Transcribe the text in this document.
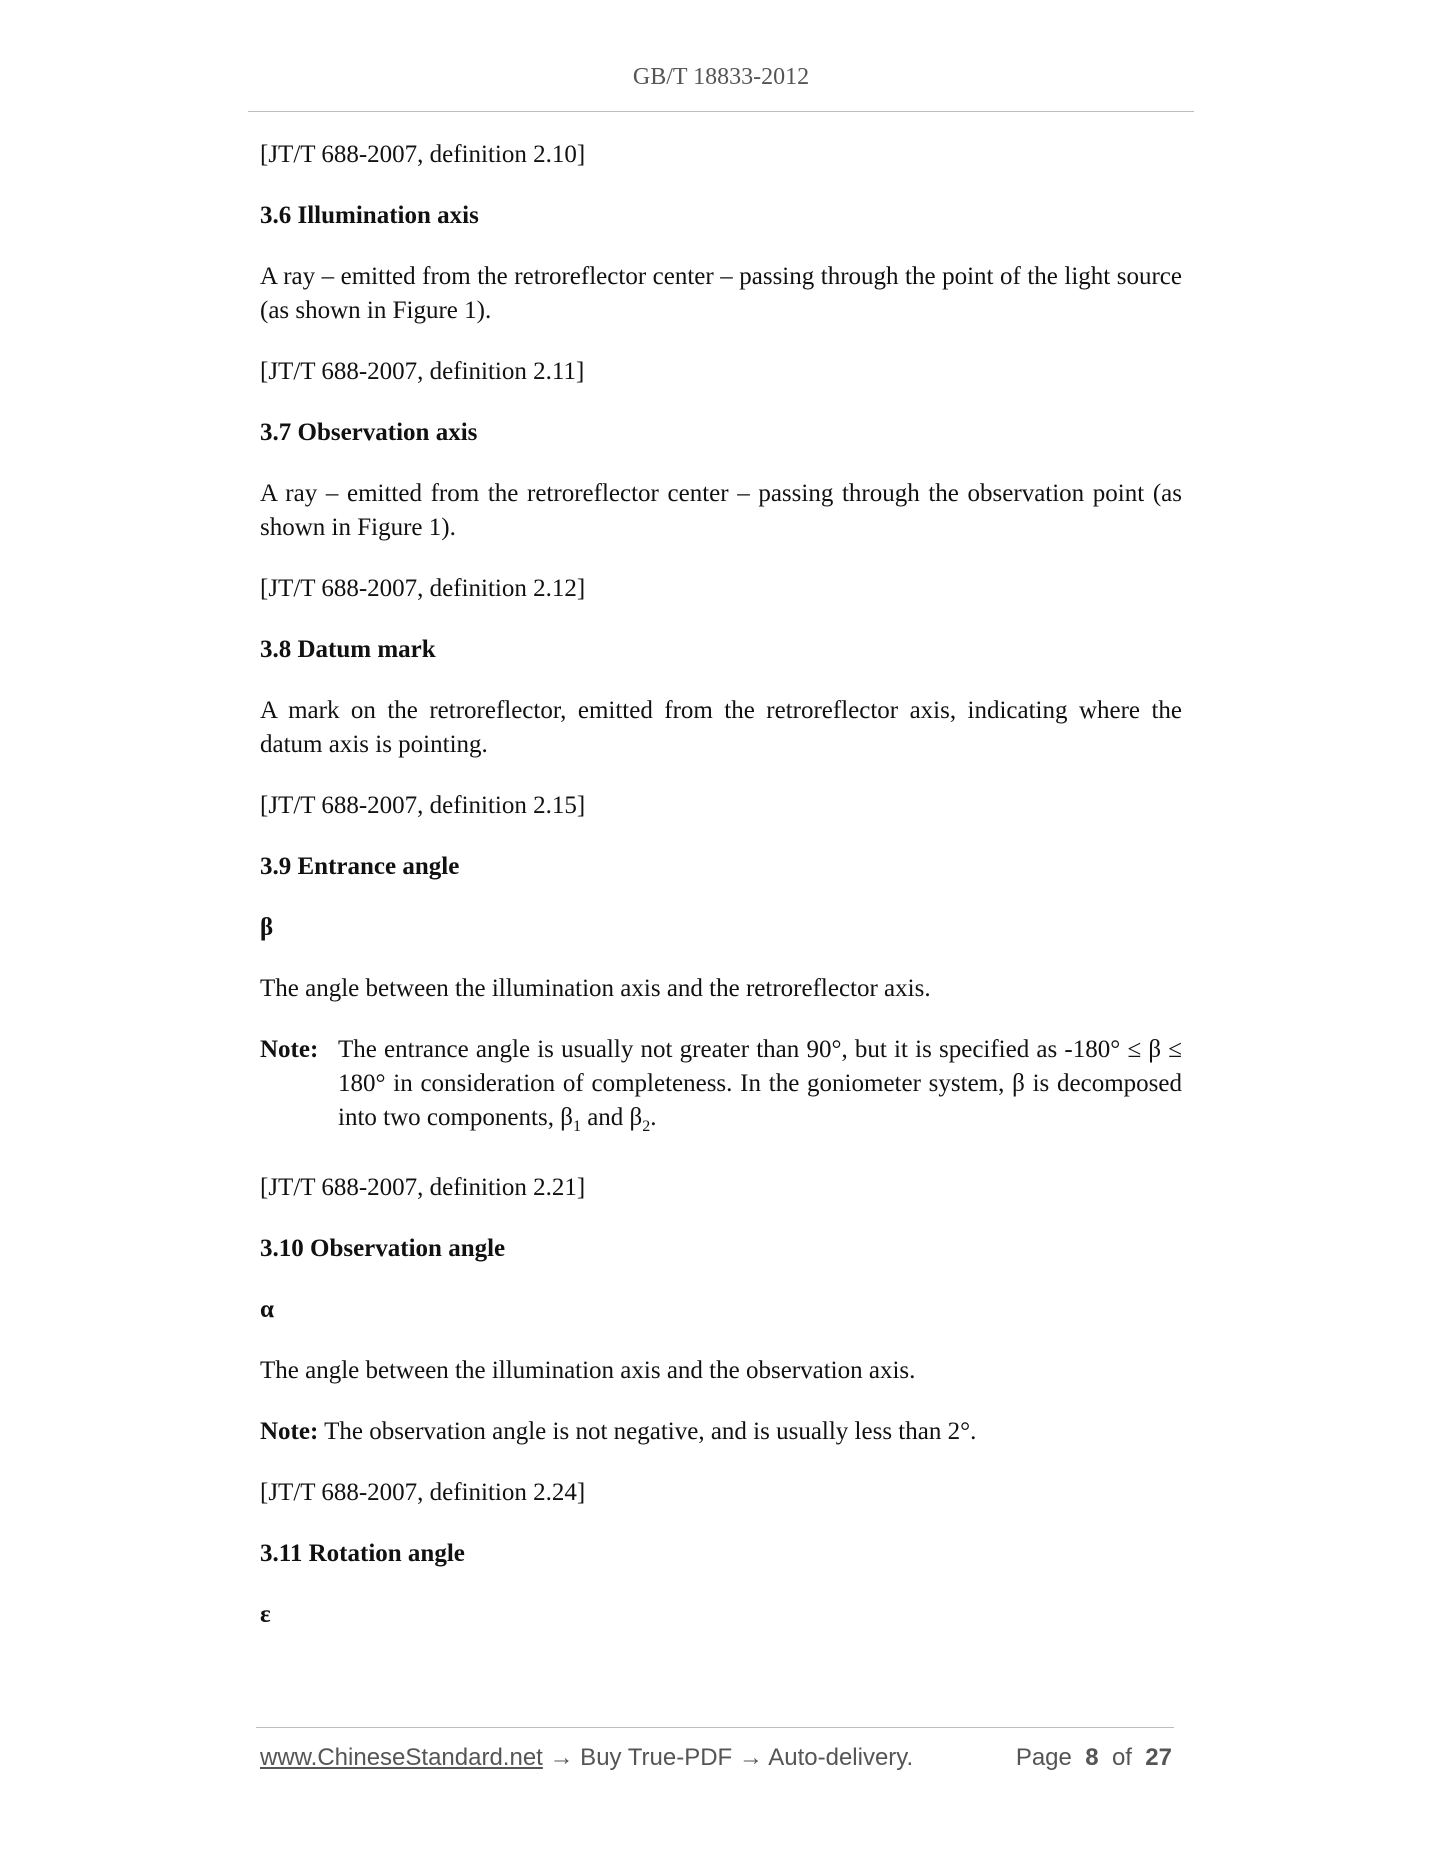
GB/T 18833-2012

[JT/T 688-2007, definition 2.10]

3.6 Illumination axis

A ray – emitted from the retroreflector center – passing through the point of the light source (as shown in Figure 1).

[JT/T 688-2007, definition 2.11]

3.7 Observation axis

A ray – emitted from the retroreflector center – passing through the observation point (as shown in Figure 1).

[JT/T 688-2007, definition 2.12]

3.8 Datum mark

A mark on the retroreflector, emitted from the retroreflector axis, indicating where the datum axis is pointing.

[JT/T 688-2007, definition 2.15]

3.9 Entrance angle

β

The angle between the illumination axis and the retroreflector axis.

Note: The entrance angle is usually not greater than 90°, but it is specified as -180° ≤ β ≤ 180° in consideration of completeness. In the goniometer system, β is decomposed into two components, $\beta_1$ and $\beta_2$.

[JT/T 688-2007, definition 2.21]

3.10 Observation angle

α

The angle between the illumination axis and the observation axis.

Note: The observation angle is not negative, and is usually less than 2°.

[JT/T 688-2007, definition 2.24]

3.11 Rotation angle

ε

www.ChineseStandard.net → Buy True-PDF → Auto-delivery.	Page 8 of 27
